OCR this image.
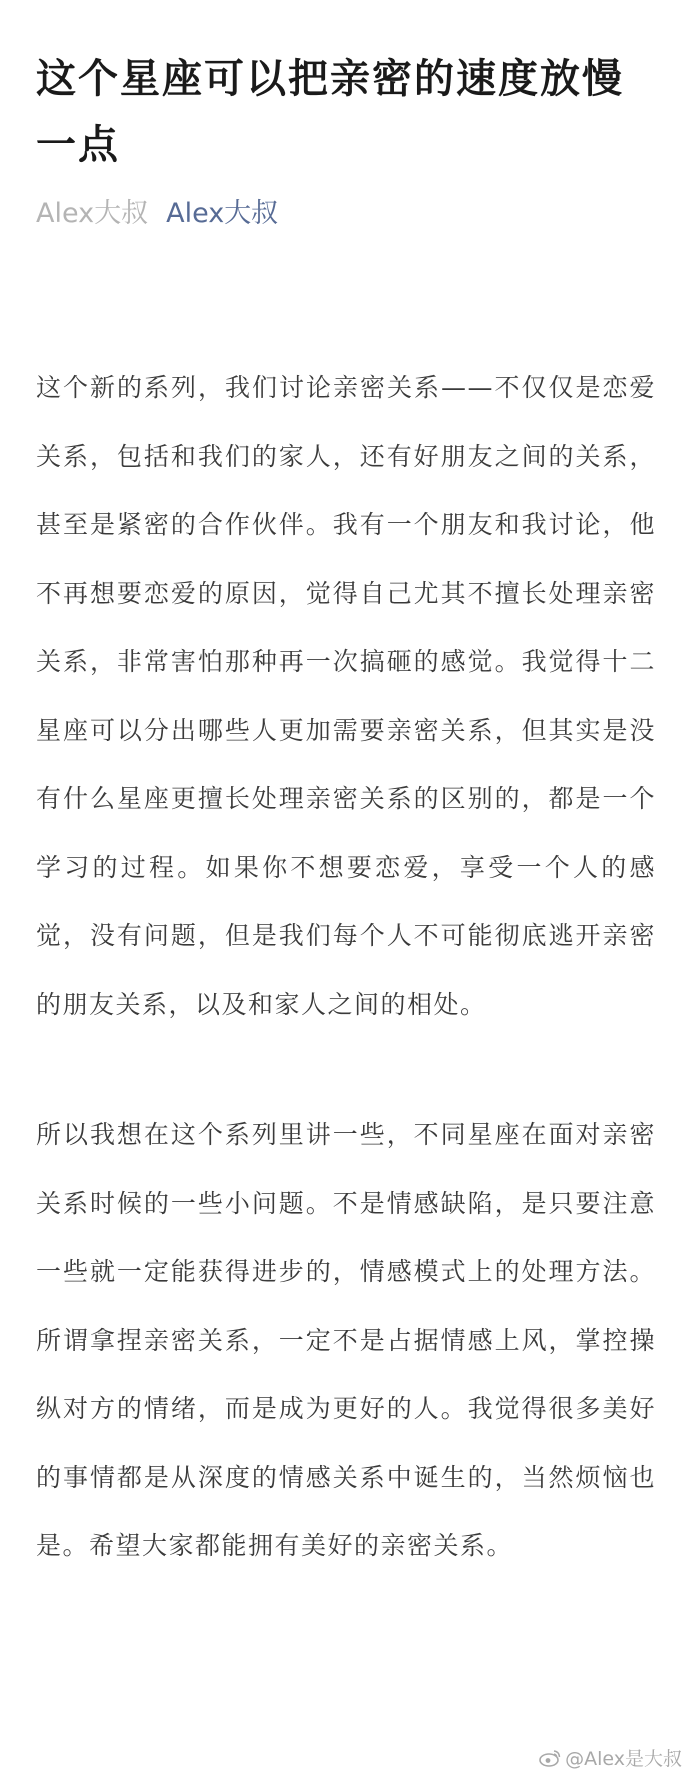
这个星座可以把亲密的速度放慢一点
Alex大叔 Alex大叔

这个新的系列，我们讨论亲密关系——不仅仅是恋爱关系，包括和我们的家人，还有好朋友之间的关系，甚至是紧密的合作伙伴。我有一个朋友和我讨论，他不再想要恋爱的原因，觉得自己尤其不擅长处理亲密关系，非常害怕那种再一次搞砸的感觉。我觉得十二星座可以分出哪些人更加需要亲密关系，但其实是没有什么星座更擅长处理亲密关系的区别的，都是一个学习的过程。如果你不想要恋爱，享受一个人的感觉，没有问题，但是我们每个人不可能彻底逃开亲密的朋友关系，以及和家人之间的相处。

所以我想在这个系列里讲一些，不同星座在面对亲密关系时候的一些小问题。不是情感缺陷，是只要注意一些就一定能获得进步的，情感模式上的处理方法。所谓拿捏亲密关系，一定不是占据情感上风，掌控操纵对方的情绪，而是成为更好的人。我觉得很多美好的事情都是从深度的情感关系中诞生的，当然烦恼也是。希望大家都能拥有美好的亲密关系。

@Alex是大叔
